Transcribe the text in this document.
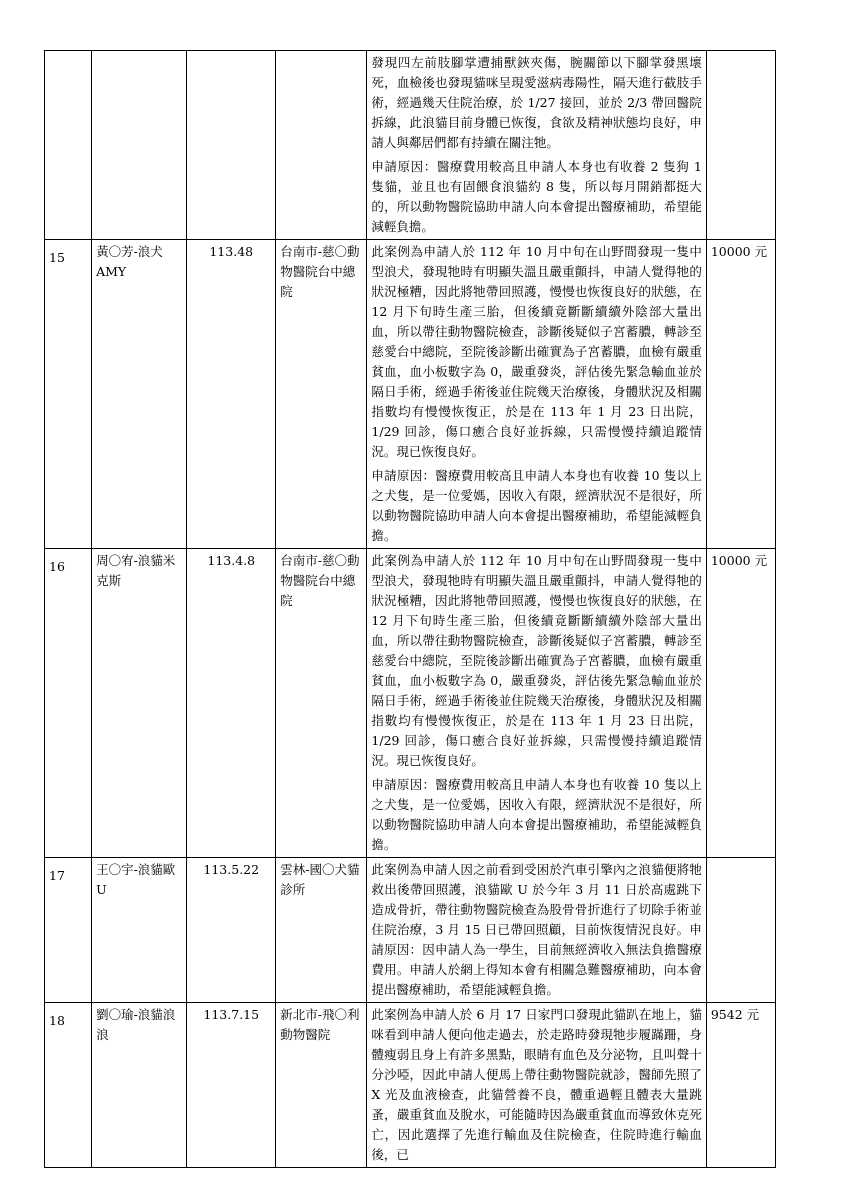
				發現四左前肢腳掌遭捕獸鋏夾傷，腕關節以下腳掌發黑壞死，血檢後也發現貓咪呈現愛滋病毒陽性，隔天進行截肢手術，經過幾天住院治療，於 1/27 接回，並於 2/3 帶回醫院拆線，此浪貓目前身體已恢復，食欲及精神狀態均良好，申請人與鄰居們都有持續在關注牠。
申請原因：醫療費用較高且申請人本身也有收養 2 隻狗 1 隻貓，並且也有固餵食浪貓約 8 隻，所以每月開銷都挺大的，所以動物醫院協助申請人向本會提出醫療補助，希望能減輕負擔。	

15	黃〇芳-浪犬 AMY	113.48	台南市-慈〇動物醫院台中總院	此案例為申請人於 112 年 10 月中旬在山野間發現一隻中型浪犬，發現牠時有明顯失溫且嚴重顫抖，申請人覺得牠的狀況極糟，因此將牠帶回照護，慢慢也恢復良好的狀態，在 12 月下旬時生產三胎，但後續竟斷斷續續外陰部大量出血，所以帶往動物醫院檢查，診斷後疑似子宮蓄膿，轉診至慈愛台中總院，至院後診斷出確實為子宮蓄膿，血檢有嚴重貧血，血小板數字為 0，嚴重發炎，評估後先緊急輸血並於隔日手術，經過手術後並住院幾天治療後，身體狀況及相關指數均有慢慢恢復正，於是在 113 年 1 月 23 日出院，1/29 回診，傷口癒合良好並拆線，只需慢慢持續追蹤情況。現已恢復良好。
申請原因：醫療費用較高且申請人本身也有收養 10 隻以上之犬隻，是一位愛媽，因收入有限，經濟狀況不是很好，所以動物醫院協助申請人向本會提出醫療補助，希望能減輕負擔。	10000 元

16	周〇宥-浪貓米克斯	113.4.8	台南市-慈〇動物醫院台中總院	此案例為申請人於 112 年 10 月中旬在山野間發現一隻中型浪犬，發現牠時有明顯失溫且嚴重顫抖，申請人覺得牠的狀況極糟，因此將牠帶回照護，慢慢也恢復良好的狀態，在 12 月下旬時生產三胎，但後續竟斷斷續續外陰部大量出血，所以帶往動物醫院檢查，診斷後疑似子宮蓄膿，轉診至慈愛台中總院，至院後診斷出確實為子宮蓄膿，血檢有嚴重貧血，血小板數字為 0，嚴重發炎，評估後先緊急輸血並於隔日手術，經過手術後並住院幾天治療後，身體狀況及相關指數均有慢慢恢復正，於是在 113 年 1 月 23 日出院，1/29 回診，傷口癒合良好並拆線，只需慢慢持續追蹤情況。現已恢復良好。
申請原因：醫療費用較高且申請人本身也有收養 10 隻以上之犬隻，是一位愛媽，因收入有限，經濟狀況不是很好，所以動物醫院協助申請人向本會提出醫療補助，希望能減輕負擔。	10000 元

17	王〇宇-浪貓歐 U	113.5.22	雲林-國〇犬貓診所	此案例為申請人因之前看到受困於汽車引擎內之浪貓便將牠救出後帶回照護，浪貓歐 U 於今年 3 月 11 日於高處跳下造成骨折，帶往動物醫院檢查為股骨骨折進行了切除手術並住院治療，3 月 15 日已帶回照顧，目前恢復情況良好。申請原因：因申請人為一學生，目前無經濟收入無法負擔醫療費用。申請人於網上得知本會有相關急難醫療補助，向本會提出醫療補助，希望能減輕負擔。	

18	劉〇瑜-浪貓浪浪	113.7.15	新北市-飛〇利動物醫院	此案例為申請人於 6 月 17 日家門口發現此貓趴在地上，貓咪看到申請人便向他走過去，於走路時發現牠步履蹣跚，身體瘦弱且身上有許多黑點，眼睛有血色及分泌物，且叫聲十分沙啞，因此申請人便馬上帶往動物醫院就診，醫師先照了 X 光及血液檢查，此貓營養不良，體重過輕且體表大量跳蚤，嚴重貧血及脫水，可能隨時因為嚴重貧血而導致休克死亡，因此選擇了先進行輸血及住院檢查，住院時進行輸血後，已	9542 元
